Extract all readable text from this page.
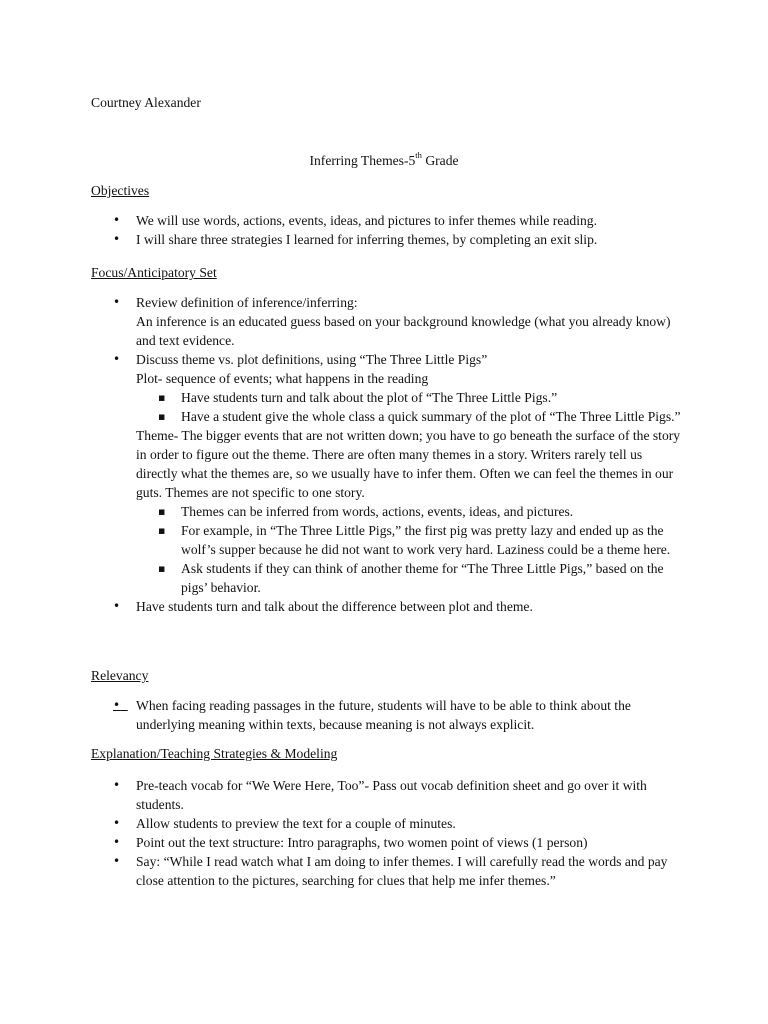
Courtney Alexander
Inferring Themes-5th Grade
Objectives
• We will use words, actions, events, ideas, and pictures to infer themes while reading.
• I will share three strategies I learned for inferring themes, by completing an exit slip.
Focus/Anticipatory Set
• Review definition of inference/inferring:
An inference is an educated guess based on your background knowledge (what you already know) and text evidence.
• Discuss theme vs. plot definitions, using “The Three Little Pigs”
Plot- sequence of events; what happens in the reading
▪ Have students turn and talk about the plot of “The Three Little Pigs.”
▪ Have a student give the whole class a quick summary of the plot of “The Three Little Pigs.”
Theme- The bigger events that are not written down; you have to go beneath the surface of the story in order to figure out the theme. There are often many themes in a story. Writers rarely tell us directly what the themes are, so we usually have to infer them. Often we can feel the themes in our guts. Themes are not specific to one story.
▪ Themes can be inferred from words, actions, events, ideas, and pictures.
▪ For example, in “The Three Little Pigs,” the first pig was pretty lazy and ended up as the wolf’s supper because he did not want to work very hard. Laziness could be a theme here.
▪ Ask students if they can think of another theme for “The Three Little Pigs,” based on the pigs’ behavior.
• Have students turn and talk about the difference between plot and theme.
Relevancy
•	When facing reading passages in the future, students will have to be able to think about the underlying meaning within texts, because meaning is not always explicit.
Explanation/Teaching Strategies & Modeling
• Pre-teach vocab for “We Were Here, Too”- Pass out vocab definition sheet and go over it with students.
• Allow students to preview the text for a couple of minutes.
• Point out the text structure: Intro paragraphs, two women point of views (1 person)
• Say: “While I read watch what I am doing to infer themes. I will carefully read the words and pay close attention to the pictures, searching for clues that help me infer themes.”
